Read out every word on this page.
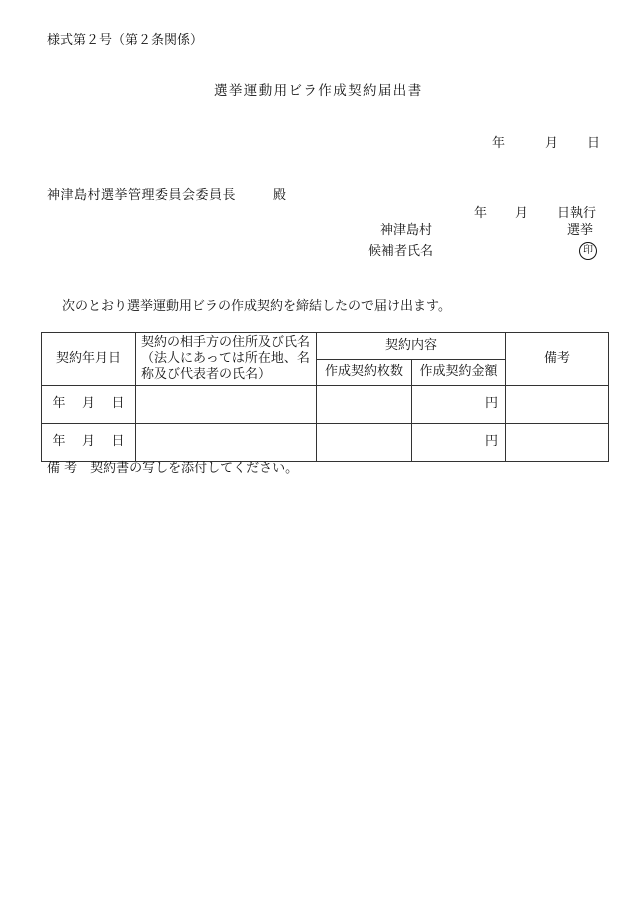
様式第２号（第２条関係）
選挙運動用ビラ作成契約届出書
年	月 日
神津島村選挙管理委員会委員長	殿
年 月 日執行
神津島村	選挙
候補者氏名	印
次のとおり選挙運動用ビラの作成契約を締結したので届け出ます。
契約年月日	契約の相手方の住所及び氏名（法人にあっては所在地、名称及び代表者の氏名）	契約内容		備考
		作成契約枚数	作成契約金額	
年 月 日			円	
年 月 日			円	
備 考　契約書の写しを添付してください。
